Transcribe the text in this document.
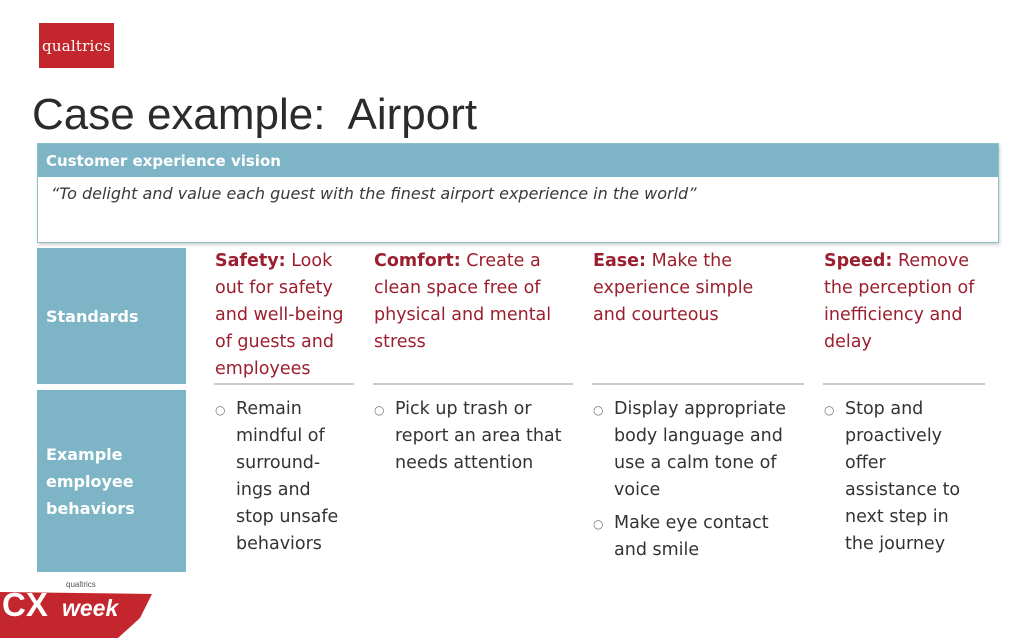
qualtrics
Case example:  Airport
Customer experience vision
“To delight and value each guest with the finest airport experience in the world”
Standards
Example
employee
behaviors
Safety: Look
out for safety
and well-being
of guests and
employees
Comfort: Create a
clean space free of
physical and mental
stress
Ease: Make the
experience simple
and courteous
Speed: Remove
the perception of
inefficiency and
delay
○ Remain
mindful of
surround-
ings and
stop unsafe
behaviors
○ Pick up trash or
report an area that
needs attention
○ Display appropriate
body language and
use a calm tone of
voice
○ Make eye contact
and smile
○ Stop and
proactively
offer
assistance to
next step in
the journey
CX week
qualtrics
